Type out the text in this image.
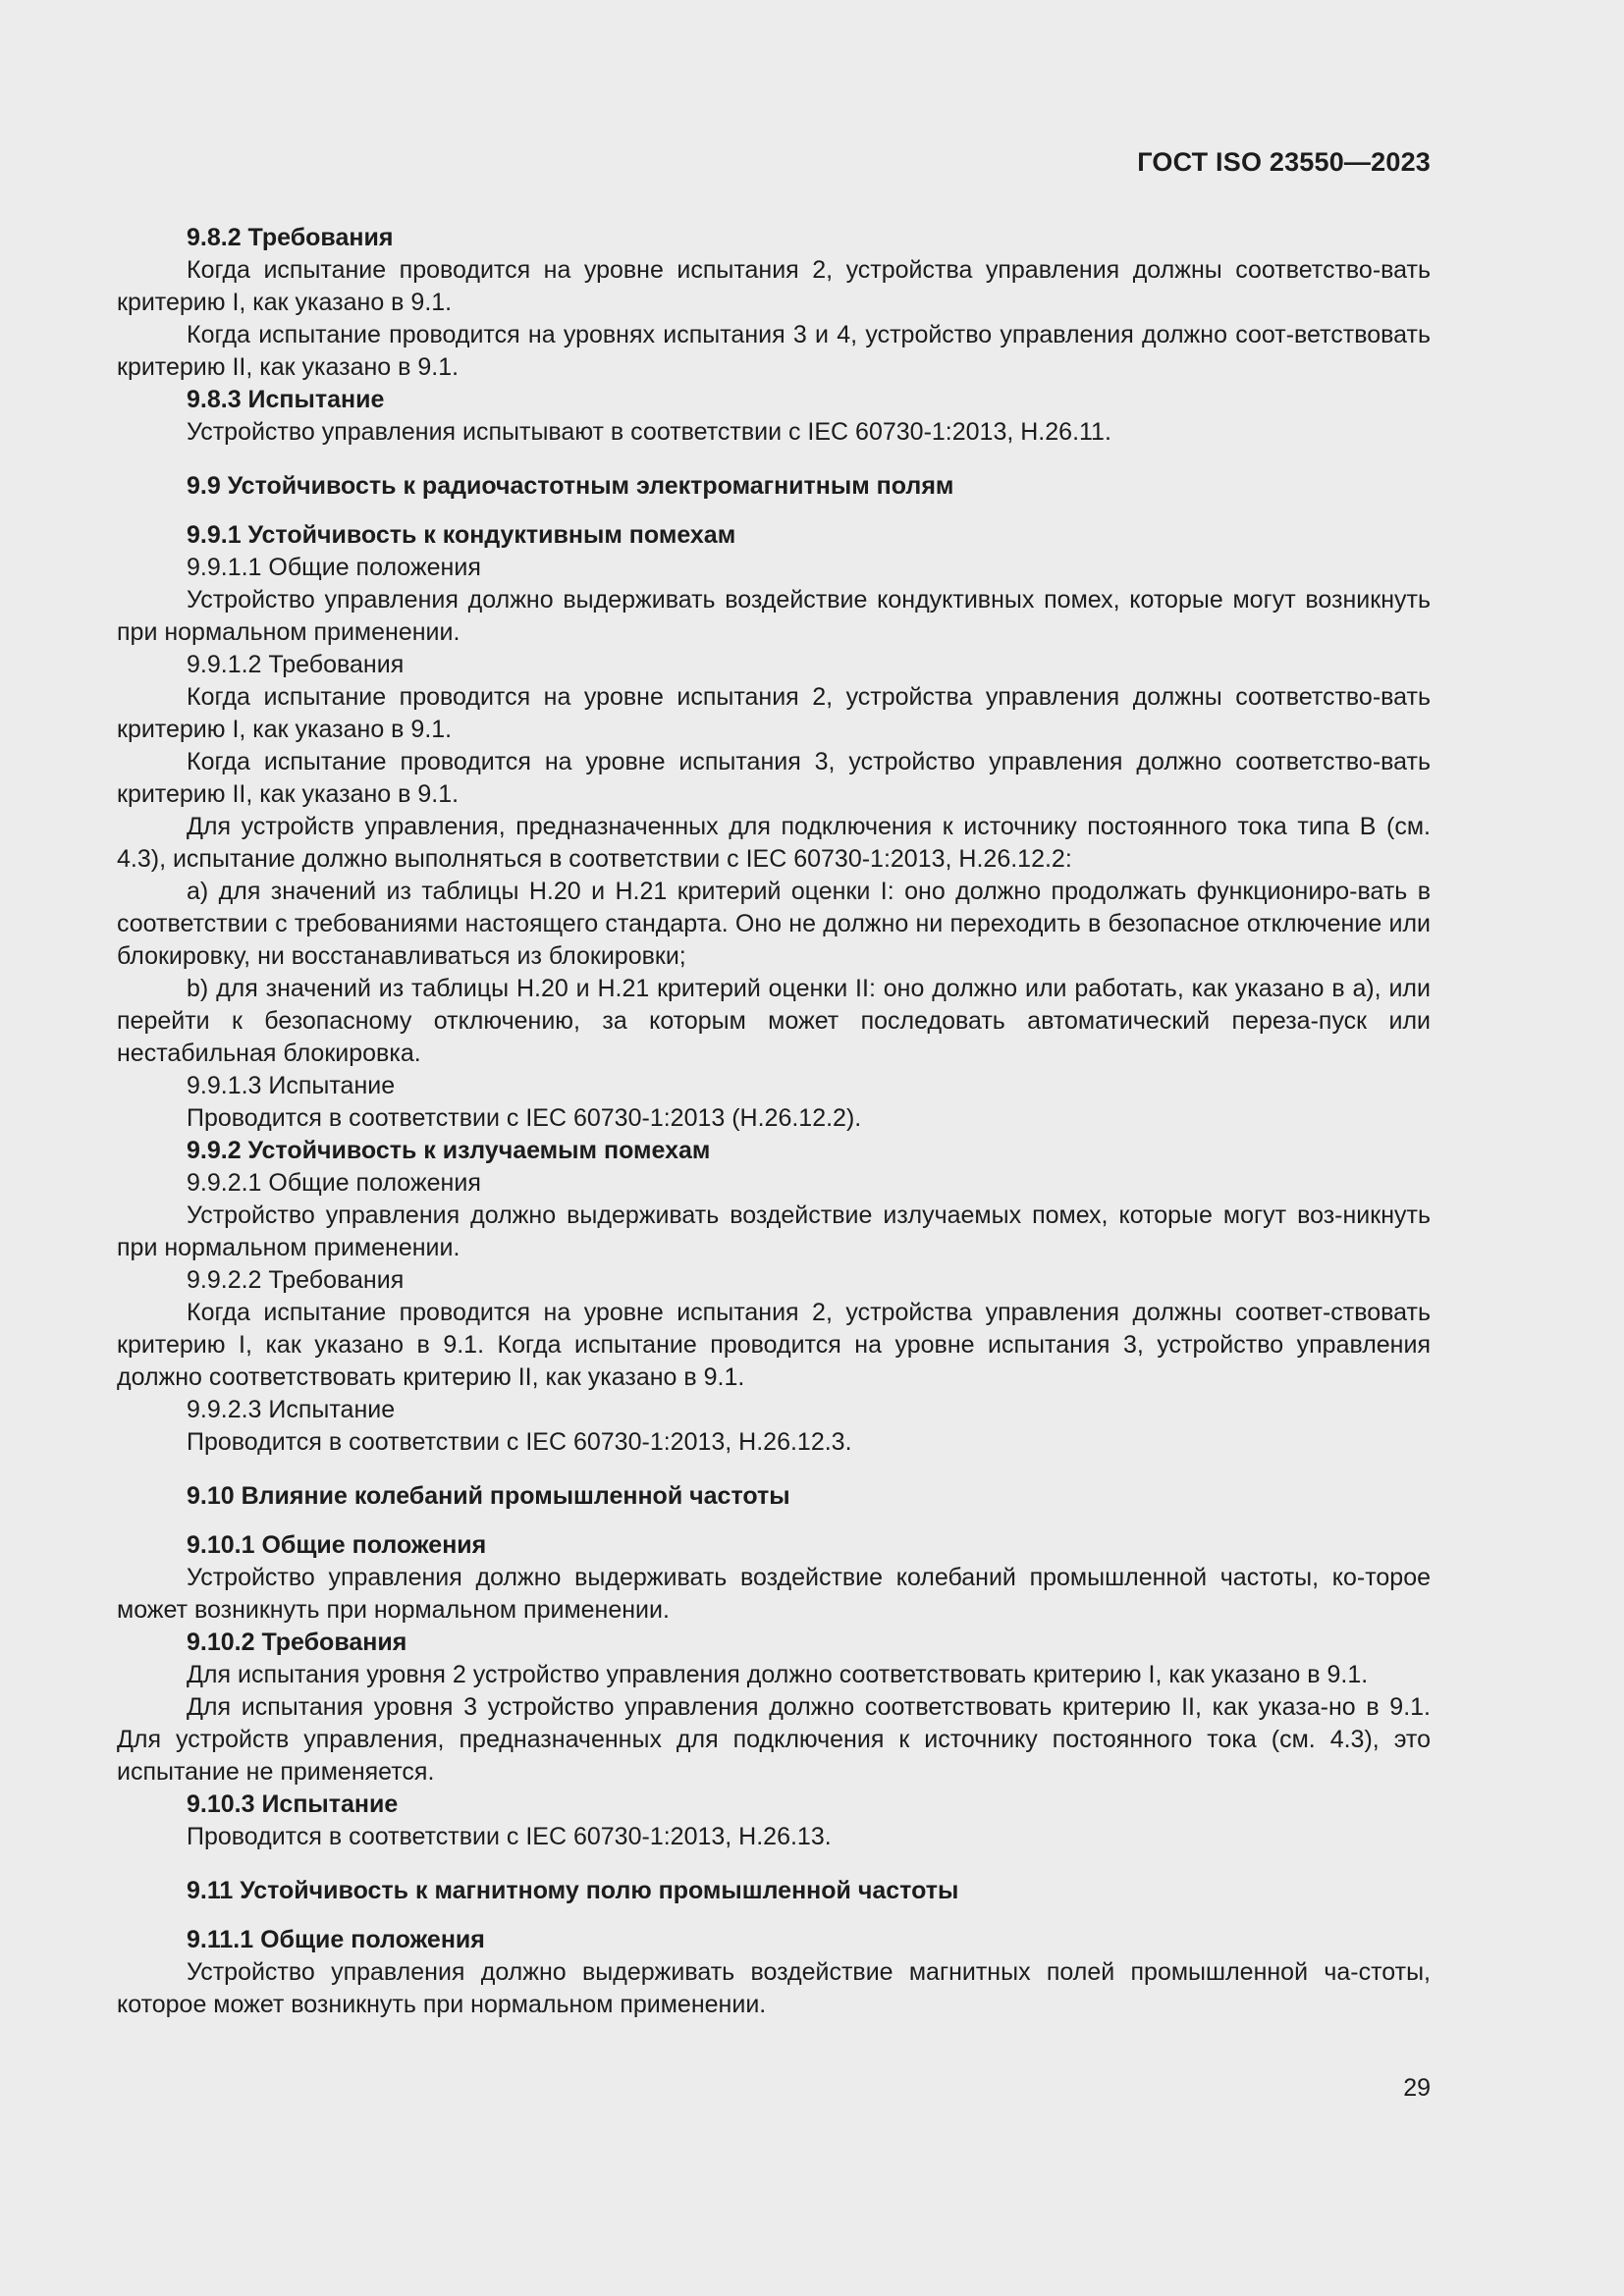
ГОСТ ISO 23550—2023

9.8.2 Требования

Когда испытание проводится на уровне испытания 2, устройства управления должны соответство-вать критерию I, как указано в 9.1.

Когда испытание проводится на уровнях испытания 3 и 4, устройство управления должно соот-ветствовать критерию II, как указано в 9.1.

9.8.3 Испытание

Устройство управления испытывают в соответствии с IEC 60730-1:2013, Н.26.11.

9.9 Устойчивость к радиочастотным электромагнитным полям

9.9.1 Устойчивость к кондуктивным помехам

9.9.1.1 Общие положения

Устройство управления должно выдерживать воздействие кондуктивных помех, которые могут возникнуть при нормальном применении.

9.9.1.2 Требования

Когда испытание проводится на уровне испытания 2, устройства управления должны соответство-вать критерию I, как указано в 9.1.

Когда испытание проводится на уровне испытания 3, устройство управления должно соответство-вать критерию II, как указано в 9.1.

Для устройств управления, предназначенных для подключения к источнику постоянного тока типа В (см. 4.3), испытание должно выполняться в соответствии с IEC 60730-1:2013, Н.26.12.2:

a) для значений из таблицы Н.20 и Н.21 критерий оценки I: оно должно продолжать функциониро-вать в соответствии с требованиями настоящего стандарта. Оно не должно ни переходить в безопасное отключение или блокировку, ни восстанавливаться из блокировки;

b) для значений из таблицы Н.20 и Н.21 критерий оценки II: оно должно или работать, как указано в а), или перейти к безопасному отключению, за которым может последовать автоматический переза-пуск или нестабильная блокировка.

9.9.1.3 Испытание

Проводится в соответствии с IEC 60730-1:2013 (Н.26.12.2).

9.9.2 Устойчивость к излучаемым помехам

9.9.2.1 Общие положения

Устройство управления должно выдерживать воздействие излучаемых помех, которые могут воз-никнуть при нормальном применении.

9.9.2.2 Требования

Когда испытание проводится на уровне испытания 2, устройства управления должны соответ-ствовать критерию I, как указано в 9.1. Когда испытание проводится на уровне испытания 3, устройство управления должно соответствовать критерию II, как указано в 9.1.

9.9.2.3 Испытание

Проводится в соответствии с IEC 60730-1:2013, Н.26.12.3.

9.10 Влияние колебаний промышленной частоты

9.10.1 Общие положения

Устройство управления должно выдерживать воздействие колебаний промышленной частоты, ко-торое может возникнуть при нормальном применении.

9.10.2 Требования

Для испытания уровня 2 устройство управления должно соответствовать критерию I, как указано в 9.1.

Для испытания уровня 3 устройство управления должно соответствовать критерию II, как указа-но в 9.1. Для устройств управления, предназначенных для подключения к источнику постоянного тока (см. 4.3), это испытание не применяется.

9.10.3 Испытание

Проводится в соответствии с IEC 60730-1:2013, Н.26.13.

9.11 Устойчивость к магнитному полю промышленной частоты

9.11.1 Общие положения

Устройство управления должно выдерживать воздействие магнитных полей промышленной ча-стоты, которое может возникнуть при нормальном применении.

29
